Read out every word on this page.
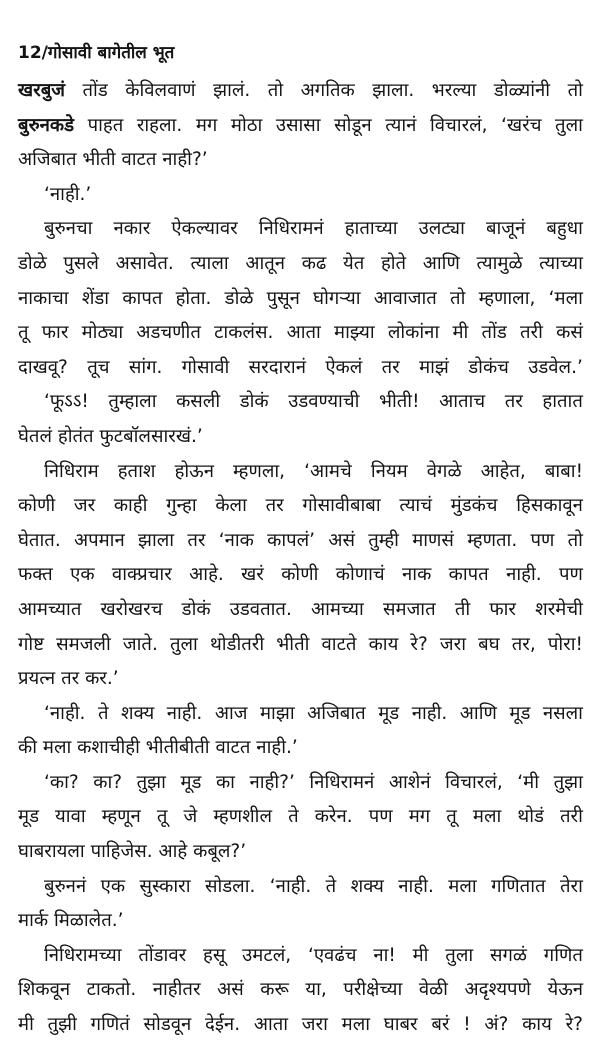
12/गोसावी बागेतील भूत
खरबुजं तोंड केविलवाणं झालं. तो अगतिक झाला. भरल्या डोळ्यांनी तो
बुरुनकडे पाहत राहला. मग मोठा उसासा सोडून त्यानं विचारलं, ‘खरंच तुला
अजिबात भीती वाटत नाही?’
‘नाही.’
बुरुनचा नकार ऐकल्यावर निधिरामनं हाताच्या उलट्या बाजूनं बहुधा
डोळे पुसले असावेत. त्याला आतून कढ येत होते आणि त्यामुळे त्याच्या
नाकाचा शेंडा कापत होता. डोळे पुसून घोगऱ्या आवाजात तो म्हणाला, ‘मला
तू फार मोठ्या अडचणीत टाकलंस. आता माझ्या लोकांना मी तोंड तरी कसं
दाखवू? तूच सांग. गोसावी सरदारानं ऐकलं तर माझं डोकंच उडवेल.’
‘फूऽऽ! तुम्हाला कसली डोकं उडवण्याची भीती! आताच तर हातात
घेतलं होतंत फुटबॉलसारखं.’
निधिराम हताश होऊन म्हणला, ‘आमचे नियम वेगळे आहेत, बाबा!
कोणी जर काही गुन्हा केला तर गोसावीबाबा त्याचं मुंडकंच हिसकावून
घेतात. अपमान झाला तर ‘नाक कापलं’ असं तुम्ही माणसं म्हणता. पण तो
फक्त एक वाक्प्रचार आहे. खरं कोणी कोणाचं नाक कापत नाही. पण
आमच्यात खरोखरच डोकं उडवतात. आमच्या समजात ती फार शरमेची
गोष्ट समजली जाते. तुला थोडीतरी भीती वाटते काय रे? जरा बघ तर, पोरा!
प्रयत्न तर कर.’
‘नाही. ते शक्य नाही. आज माझा अजिबात मूड नाही. आणि मूड नसला
की मला कशाचीही भीतीबीती वाटत नाही.’
‘का? का? तुझा मूड का नाही?’ निधिरामनं आशेनं विचारलं, ‘मी तुझा
मूड यावा म्हणून तू जे म्हणशील ते करेन. पण मग तू मला थोडं तरी
घाबरायला पाहिजेस. आहे कबूल?’
बुरुननं एक सुस्कारा सोडला. ‘नाही. ते शक्य नाही. मला गणितात तेरा
मार्क मिळालेत.’
निधिरामच्या तोंडावर हसू उमटलं, ‘एवढंच ना! मी तुला सगळं गणित
शिकवून टाकतो. नाहीतर असं करू या, परीक्षेच्या वेळी अदृश्यपणे येऊन
मी तुझी गणितं सोडवून देईन. आता जरा मला घाबर बरं ! अं? काय रे?
